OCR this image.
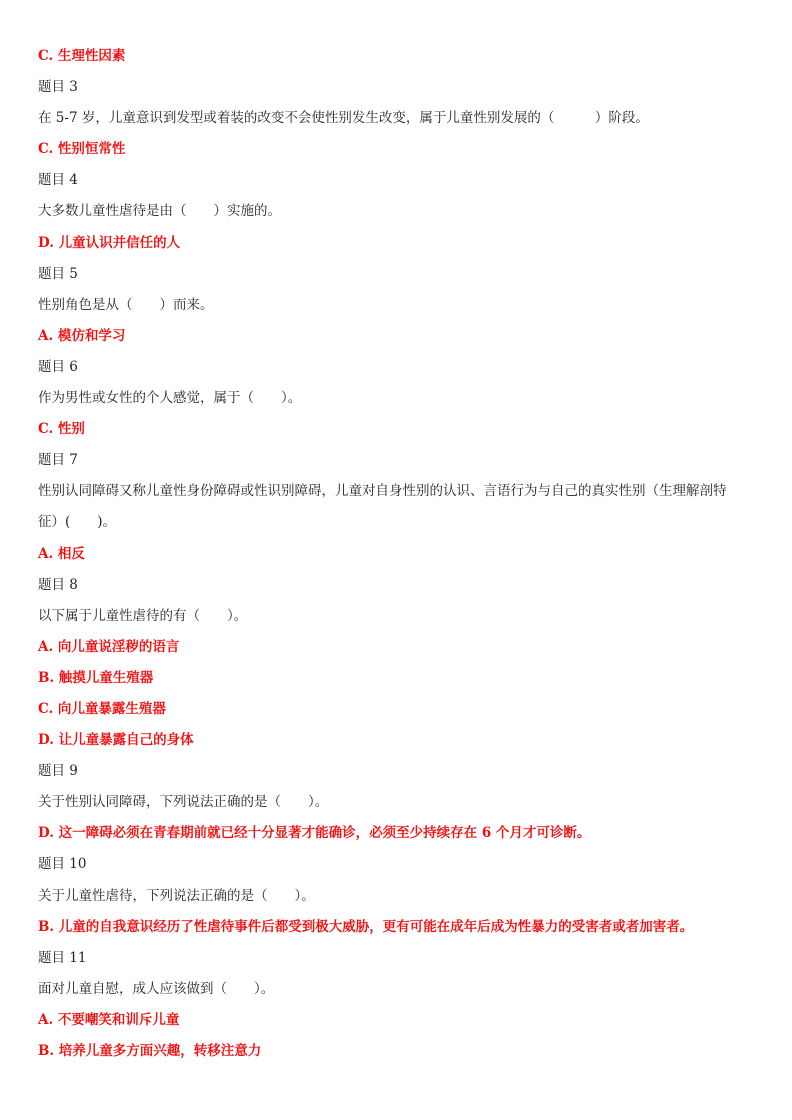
C. 生理性因素
题目 3
在 5-7 岁，儿童意识到发型或着装的改变不会使性别发生改变，属于儿童性别发展的（　　　）阶段。
C. 性别恒常性
题目 4
大多数儿童性虐待是由（　　）实施的。
D. 儿童认识并信任的人
题目 5
性别角色是从（　　）而来。
A. 模仿和学习
题目 6
作为男性或女性的个人感觉，属于（　　）。
C. 性别
题目 7
性别认同障碍又称儿童性身份障碍或性识别障碍，儿童对自身性别的认识、言语行为与自己的真实性别（生理解剖特
征）(　　)。
A. 相反
题目 8
以下属于儿童性虐待的有（　　）。
A. 向儿童说淫秽的语言
B. 触摸儿童生殖器
C. 向儿童暴露生殖器
D. 让儿童暴露自己的身体
题目 9
关于性别认同障碍，下列说法正确的是（　　）。
D. 这一障碍必须在青春期前就已经十分显著才能确诊，必须至少持续存在 6 个月才可诊断。
题目 10
关于儿童性虐待，下列说法正确的是（　　）。
B. 儿童的自我意识经历了性虐待事件后都受到极大威胁，更有可能在成年后成为性暴力的受害者或者加害者。
题目 11
面对儿童自慰，成人应该做到（　　）。
A. 不要嘲笑和训斥儿童
B. 培养儿童多方面兴趣，转移注意力
